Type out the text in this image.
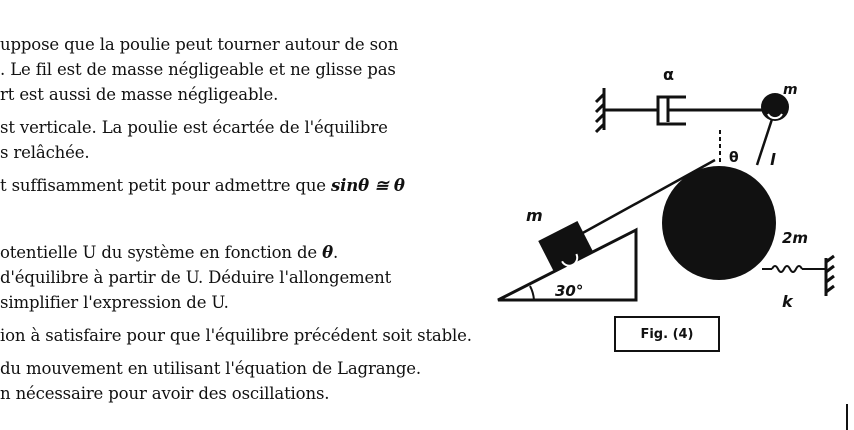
uppose que la poulie peut tourner autour de son
. Le fil est de masse négligeable et ne glisse pas
rt est aussi de masse négligeable.
st verticale. La poulie est écartée de l'équilibre
s relâchée.
t suffisamment petit pour admettre que sinθ ≅ θ
otentielle U du système en fonction de θ.
d'équilibre à partir de U. Déduire l'allongement
simplifier l'expression de U.
ion à satisfaire pour que l'équilibre précédent soit stable.
du mouvement en utilisant l'équation de Lagrange.
n nécessaire pour avoir des oscillations.
α
m
θ l
m
2m
30°
k
Fig. (4)
